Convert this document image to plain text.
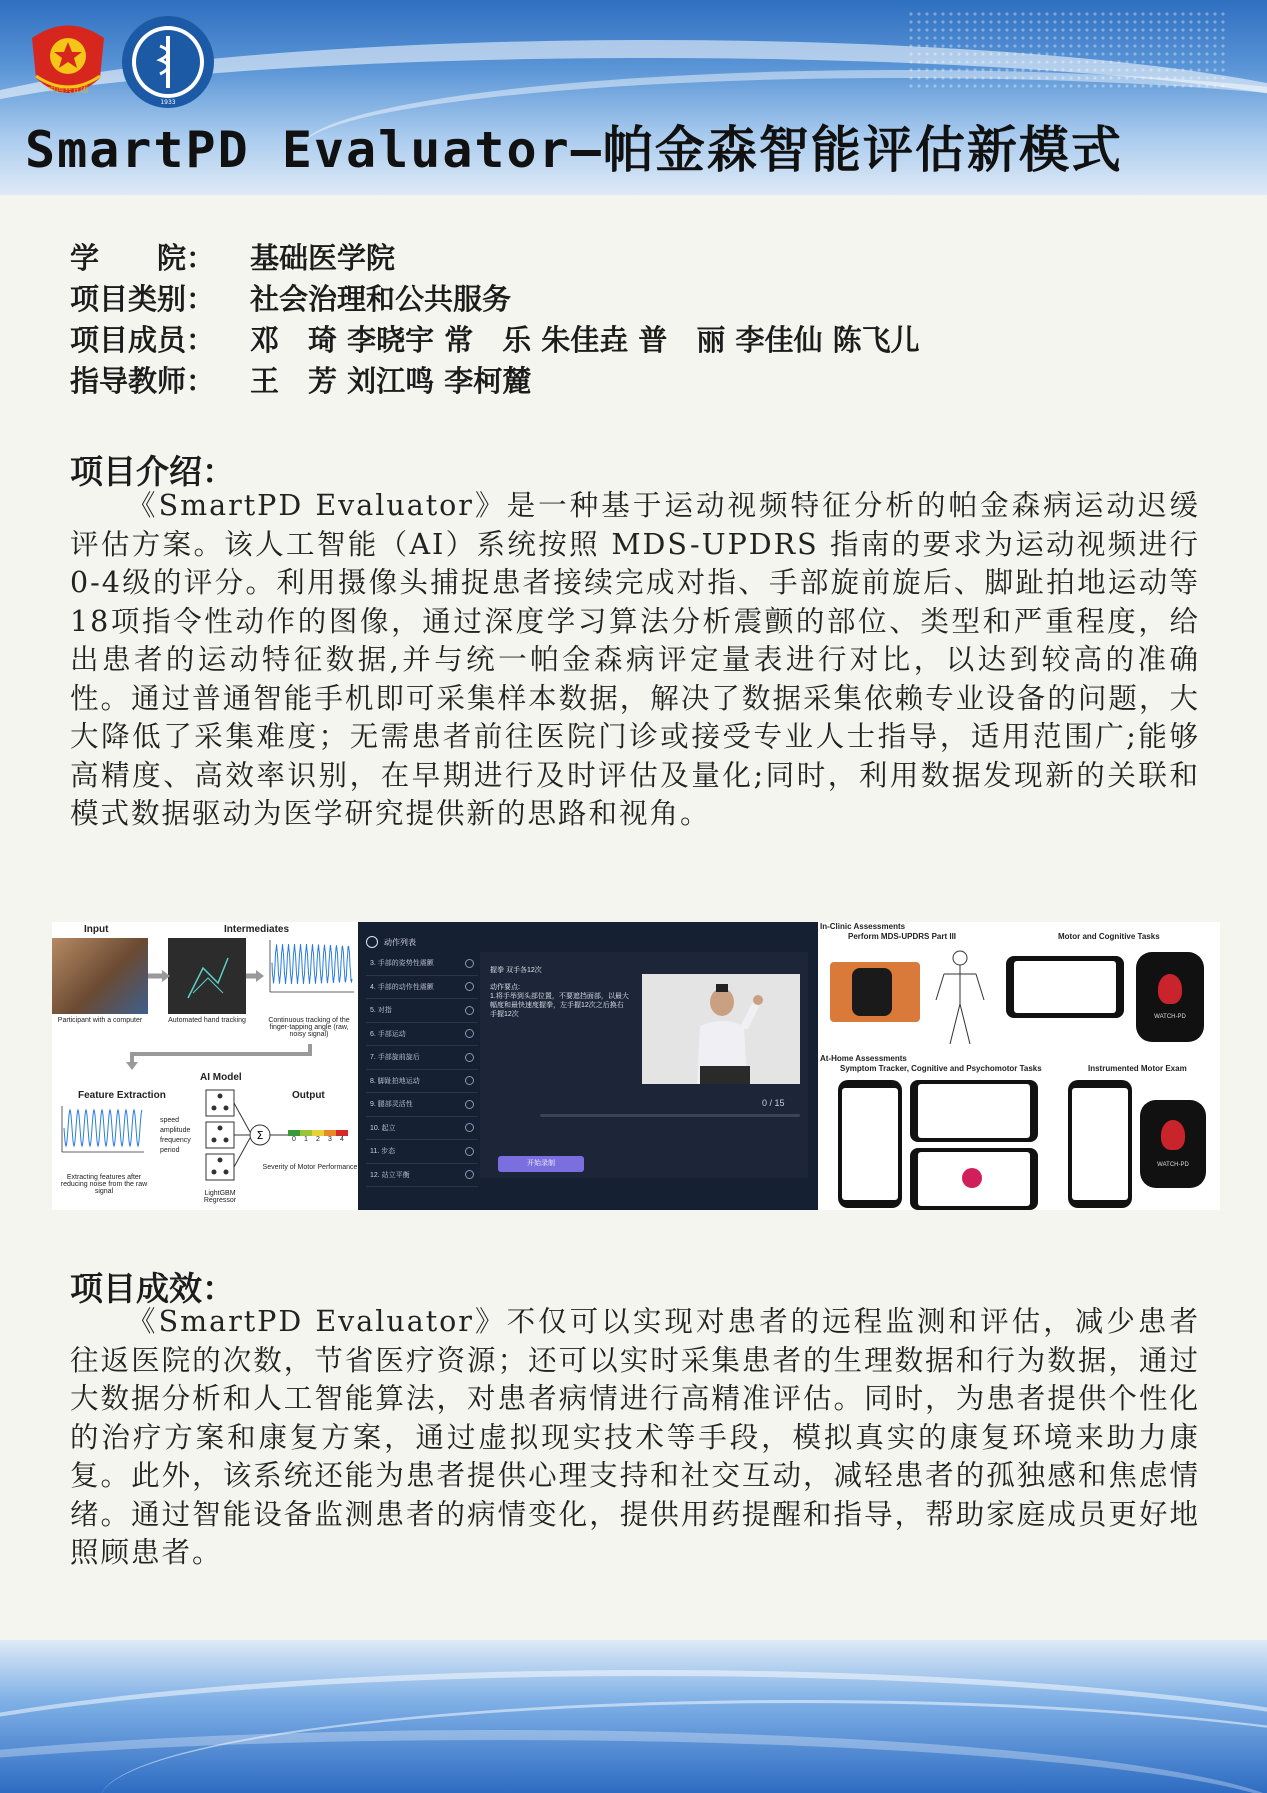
中国共青团
1933
SmartPD Evaluator—帕金森智能评估新模式
学　　院：	基础医学院
项目类别：	社会治理和公共服务
项目成员：	邓　琦 李晓宇 常　乐 朱佳垚 普　丽 李佳仙 陈飞儿
指导教师：	王　芳 刘江鸣 李柯麓
项目介绍：
《SmartPD Evaluator》是一种基于运动视频特征分析的帕金森病运动迟缓评估方案。该人工智能（AI）系统按照 MDS-UPDRS 指南的要求为运动视频进行0-4级的评分。利用摄像头捕捉患者接续完成对指、手部旋前旋后、脚趾拍地运动等18项指令性动作的图像，通过深度学习算法分析震颤的部位、类型和严重程度，给出患者的运动特征数据,并与统一帕金森病评定量表进行对比，以达到较高的准确性。通过普通智能手机即可采集样本数据，解决了数据采集依赖专业设备的问题，大大降低了采集难度；无需患者前往医院门诊或接受专业人士指导，适用范围广;能够高精度、高效率识别，在早期进行及时评估及量化;同时，利用数据发现新的关联和模式数据驱动为医学研究提供新的思路和视角。
Input	Intermediates
Participant with a computer	Automated hand tracking	Continuous tracking of the finger-tapping angle (raw, noisy signal)
Feature Extraction
AI Model
Output
speed
amplitude
frequency
period
Σ	0	1	2	3	4
Extracting features after reducing noise from the raw signal	LightGBM Regressor
Severity of Motor Performance
动作列表
3. 手部的姿势性震颤
4. 手部的动作性震颤
5. 对指
6. 手部运动
7. 手部旋前旋后
8. 脚趾拍地运动
9. 腿部灵活性
10. 起立
11. 步态
12. 站立平衡
握拳 双手各12次
动作要点:
1.将手举到头部位置，不要遮挡面部，以最大幅度和最快速度握拳，左手握12次之后换右手握12次
0 / 15
开始录制
In-Clinic Assessments
Perform MDS-UPDRS Part III	Motor and Cognitive Tasks
WATCH-PD
At-Home Assessments
Symptom Tracker, Cognitive and Psychomotor Tasks	Instrumented Motor Exam
WATCH-PD
项目成效：
《SmartPD Evaluator》不仅可以实现对患者的远程监测和评估，减少患者往返医院的次数，节省医疗资源；还可以实时采集患者的生理数据和行为数据，通过大数据分析和人工智能算法，对患者病情进行高精准评估。同时，为患者提供个性化的治疗方案和康复方案，通过虚拟现实技术等手段，模拟真实的康复环境来助力康复。此外，该系统还能为患者提供心理支持和社交互动，减轻患者的孤独感和焦虑情绪。通过智能设备监测患者的病情变化，提供用药提醒和指导，帮助家庭成员更好地照顾患者。
